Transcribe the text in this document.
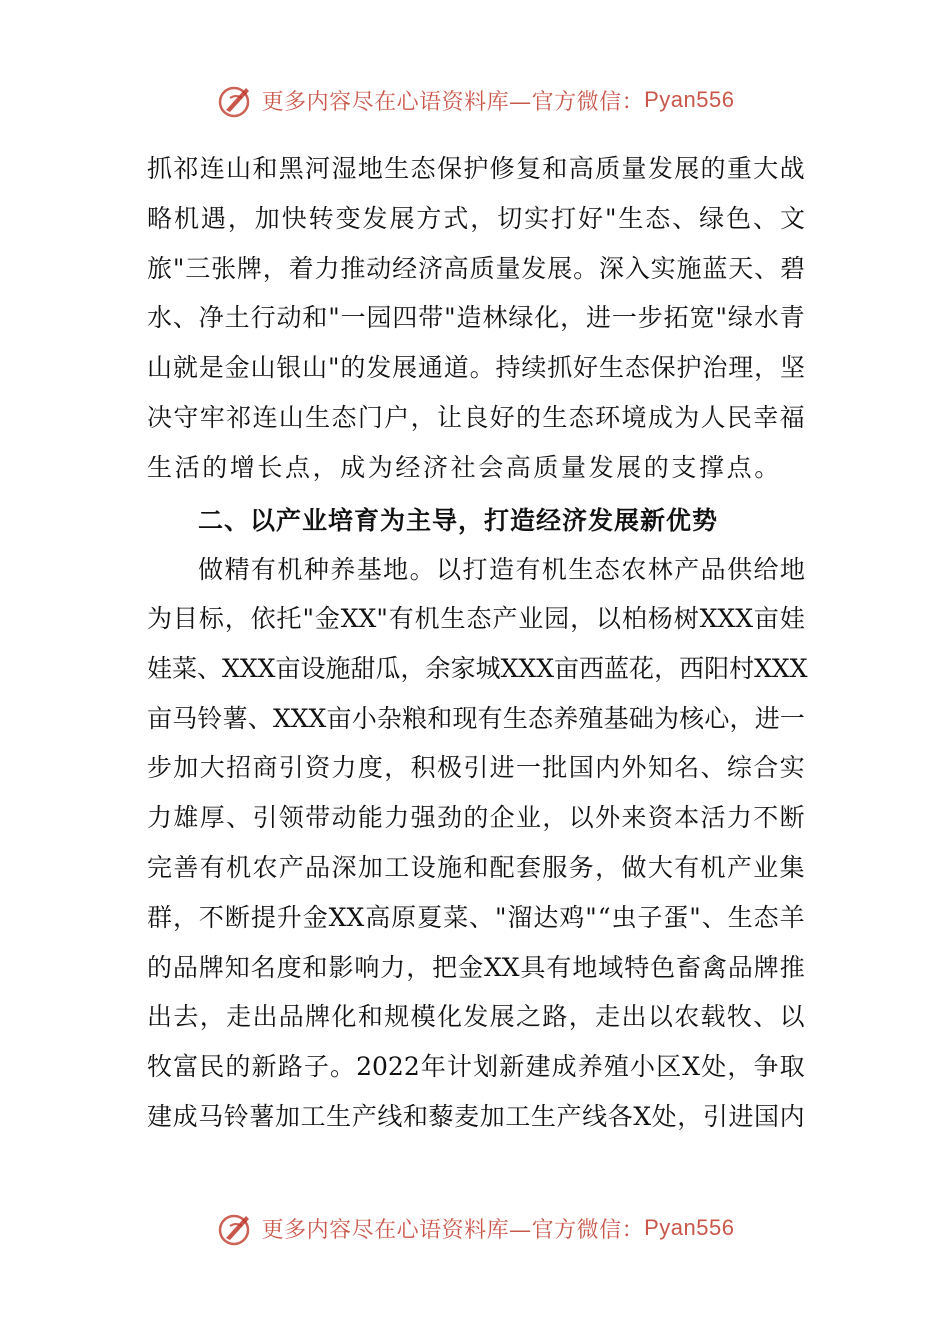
更多内容尽在心语资料库—官方微信： Pyan556
抓 祁 连 山 和 黑 河 湿 地 生 态 保 护 修 复 和 高 质 量 发 展 的 重 大 战
略 机 遇 ， 加 快 转 变 发 展 方 式 ， 切 实 打 好 " 生 态 、 绿 色 、 文
旅 " 三 张 牌 ， 着 力 推 动 经 济 高 质 量 发 展 。 深 入 实 施 蓝 天 、 碧
水 、 净 土 行 动 和 " 一 园 四 带 " 造 林 绿 化 ， 进 一 步 拓 宽 " 绿 水 青
山 就 是 金 山 银 山 " 的 发 展 通 道 。 持 续 抓 好 生 态 保 护 治 理 ， 坚
决 守 牢 祁 连 山 生 态 门 户 ， 让 良 好 的 生 态 环 境 成 为 人 民 幸 福
生活的增长点，成为经济社会高质量发展的支撑点。
二、以产业培育为主导，打造经济发展新优势
做 精 有 机 种 养 基 地 。 以 打 造 有 机 生 态 农 林 产 品 供 给 地
为 目 标 ， 依 托 " 金 XX" 有 机 生 态 产 业 园 ， 以 柏 杨 树 XXX 亩 娃
娃 菜 、 XXX 亩 设 施 甜 瓜 ， 余 家 城 XXX 亩 西 蓝 花 ， 西 阳 村 XXX
亩 马 铃 薯 、 XXX 亩 小 杂 粮 和 现 有 生 态 养 殖 基 础 为 核 心 ， 进 一
步 加 大 招 商 引 资 力 度 ， 积 极 引 进 一 批 国 内 外 知 名 、 综 合 实
力 雄 厚 、 引 领 带 动 能 力 强 劲 的 企 业 ， 以 外 来 资 本 活 力 不 断
完 善 有 机 农 产 品 深 加 工 设 施 和 配 套 服 务 ， 做 大 有 机 产 业 集
群 ， 不 断 提 升 金 XX 高 原 夏 菜 、 " 溜 达 鸡 " “ 虫 子 蛋 " 、 生 态 羊
的 品 牌 知 名 度 和 影 响 力 ， 把 金 XX 具 有 地 域 特 色 畜 禽 品 牌 推
出 去 ， 走 出 品 牌 化 和 规 模 化 发 展 之 路 ， 走 出 以 农 载 牧 、 以
牧 富 民 的 新 路 子 。 2022 年 计 划 新 建 成 养 殖 小 区 X 处 ， 争 取
建 成 马 铃 薯 加 工 生 产 线 和 藜 麦 加 工 生 产 线 各 X 处 ， 引 进 国 内
更多内容尽在心语资料库—官方微信： Pyan556
